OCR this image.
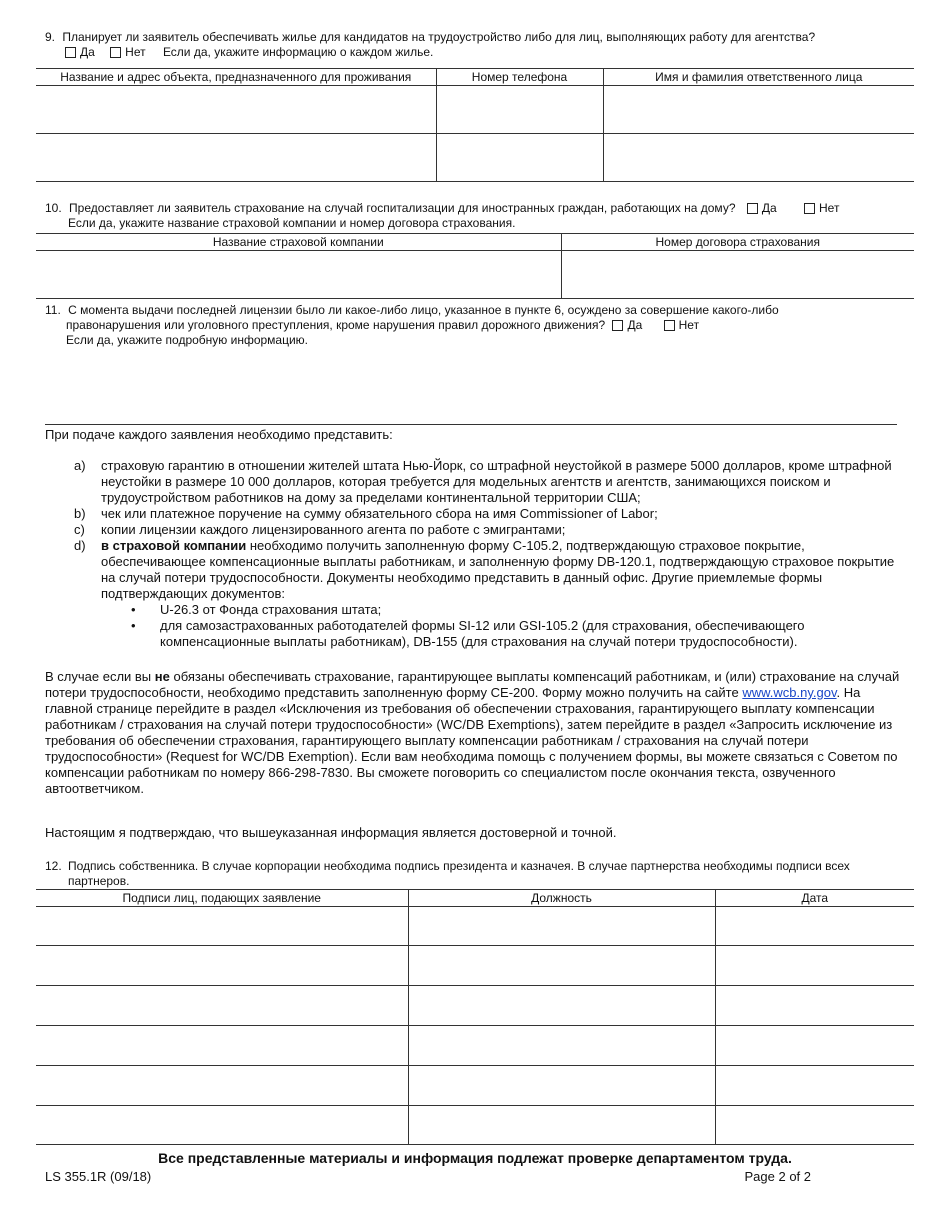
9. Планирует ли заявитель обеспечивать жилье для кандидатов на трудоустройство либо для лиц, выполняющих работу для агентства?
Да	Нет Если да, укажите информацию о каждом жилье.
Название и адрес объекта, предназначенного для проживания	Номер телефона	Имя и фамилия ответственного лица

10. Предоставляет ли заявитель страхование на случай госпитализации для иностранных граждан, работающих на дому? Да	Нет
Если да, укажите название страховой компании и номер договора страхования.
Название страховой компании	Номер договора страхования

11. С момента выдачи последней лицензии было ли какое-либо лицо, указанное в пункте 6, осуждено за совершение какого-либо
правонарушения или уголовного преступления, кроме нарушения правил дорожного движения? Да	Нет
Если да, укажите подробную информацию.
При подаче каждого заявления необходимо представить:
a) страховую гарантию в отношении жителей штата Нью-Йорк, со штрафной неустойкой в размере 5000 долларов, кроме штрафной неустойки в размере 10 000 долларов, которая требуется для модельных агентств и агентств, занимающихся поиском и трудоустройством работников на дому за пределами континентальной территории США;
b) чек или платежное поручение на сумму обязательного сбора на имя Commissioner of Labor;
c) копии лицензии каждого лицензированного агента по работе с эмигрантами;
d) в страховой компании необходимо получить заполненную форму С-105.2, подтверждающую страховое покрытие, обеспечивающее компенсационные выплаты работникам, и заполненную форму DB-120.1, подтверждающую страховое покрытие на случай потери трудоспособности. Документы необходимо представить в данный офис. Другие приемлемые формы подтверждающих документов:
• U-26.3 от Фонда страхования штата;
• для самозастрахованных работодателей формы SI-12 или GSI-105.2 (для страхования, обеспечивающего компенсационные выплаты работникам), DB-155 (для страхования на случай потери трудоспособности).
В случае если вы не обязаны обеспечивать страхование, гарантирующее выплаты компенсаций работникам, и (или) страхование на случай потери трудоспособности, необходимо представить заполненную форму СЕ-200. Форму можно получить на сайте www.wcb.ny.gov. На главной странице перейдите в раздел «Исключения из требования об обеспечении страхования, гарантирующего выплату компенсации работникам / страхования на случай потери трудоспособности» (WC/DB Exemptions), затем перейдите в раздел «Запросить исключение из требования об обеспечении страхования, гарантирующего выплату компенсации работникам / страхования на случай потери трудоспособности» (Request for WC/DB Exemption). Если вам необходима помощь с получением формы, вы можете связаться с Советом по компенсации работникам по номеру 866-298-7830. Вы сможете поговорить со специалистом после окончания текста, озвученного автоответчиком.
Настоящим я подтверждаю, что вышеуказанная информация является достоверной и точной.
12. Подпись собственника. В случае корпорации необходима подпись президента и казначея. В случае партнерства необходимы подписи всех партнеров.
Подписи лиц, подающих заявление	Должность	Дата

Все представленные материалы и информация подлежат проверке департаментом труда.
LS 355.1R (09/18)	Page 2 of 2
